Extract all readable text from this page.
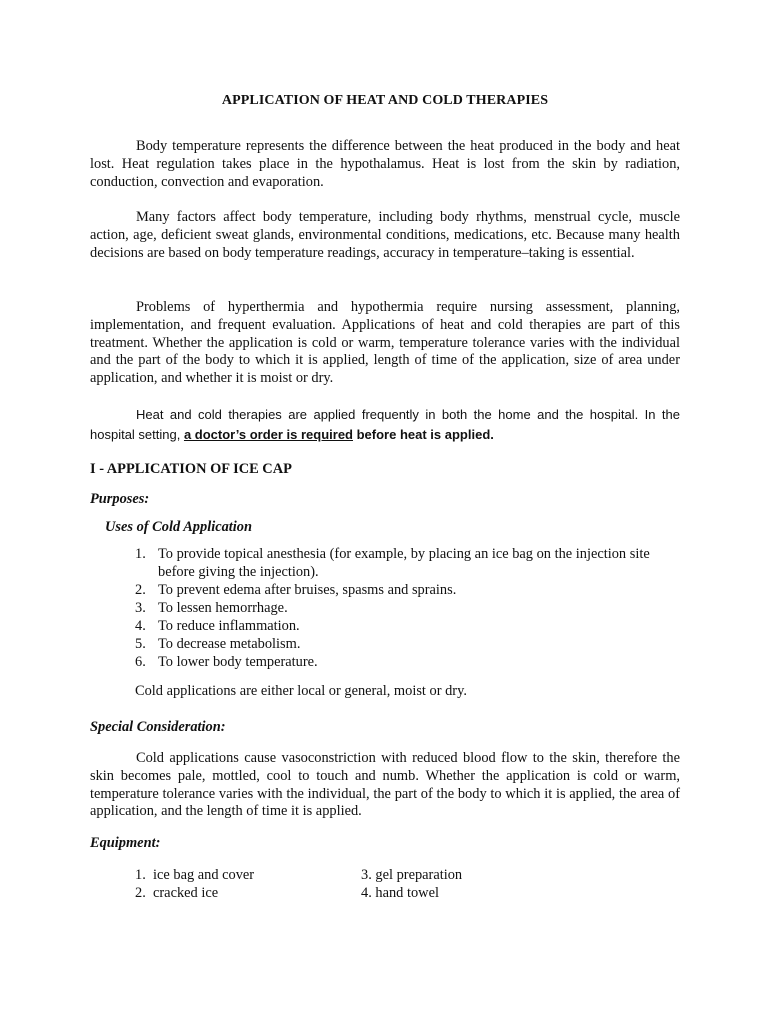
APPLICATION OF HEAT AND COLD THERAPIES

Body temperature represents the difference between the heat produced in the body and heat lost. Heat regulation takes place in the hypothalamus. Heat is lost from the skin by radiation, conduction, convection and evaporation.

Many factors affect body temperature, including body rhythms, menstrual cycle, muscle action, age, deficient sweat glands, environmental conditions, medications, etc. Because many health decisions are based on body temperature readings, accuracy in temperature–taking is essential.

Problems of hyperthermia and hypothermia require nursing assessment, planning, implementation, and frequent evaluation. Applications of heat and cold therapies are part of this treatment. Whether the application is cold or warm, temperature tolerance varies with the individual and the part of the body to which it is applied, length of time of the application, size of area under application, and whether it is moist or dry.

Heat and cold therapies are applied frequently in both the home and the hospital. In the hospital setting, a doctor’s order is required before heat is applied.

I - APPLICATION OF ICE CAP
Purposes:
Uses of Cold Application
1. To provide topical anesthesia (for example, by placing an ice bag on the injection site before giving the injection).
2. To prevent edema after bruises, spasms and sprains.
3. To lessen hemorrhage.
4. To reduce inflammation.
5. To decrease metabolism.
6. To lower body temperature.
Cold applications are either local or general, moist or dry.
Special Consideration:

Cold applications cause vasoconstriction with reduced blood flow to the skin, therefore the skin becomes pale, mottled, cool to touch and numb. Whether the application is cold or warm, temperature tolerance varies with the individual, the part of the body to which it is applied, the area of application, and the length of time it is applied.

Equipment:
1. ice bag and cover
2. cracked ice
3. gel preparation
4. hand towel
